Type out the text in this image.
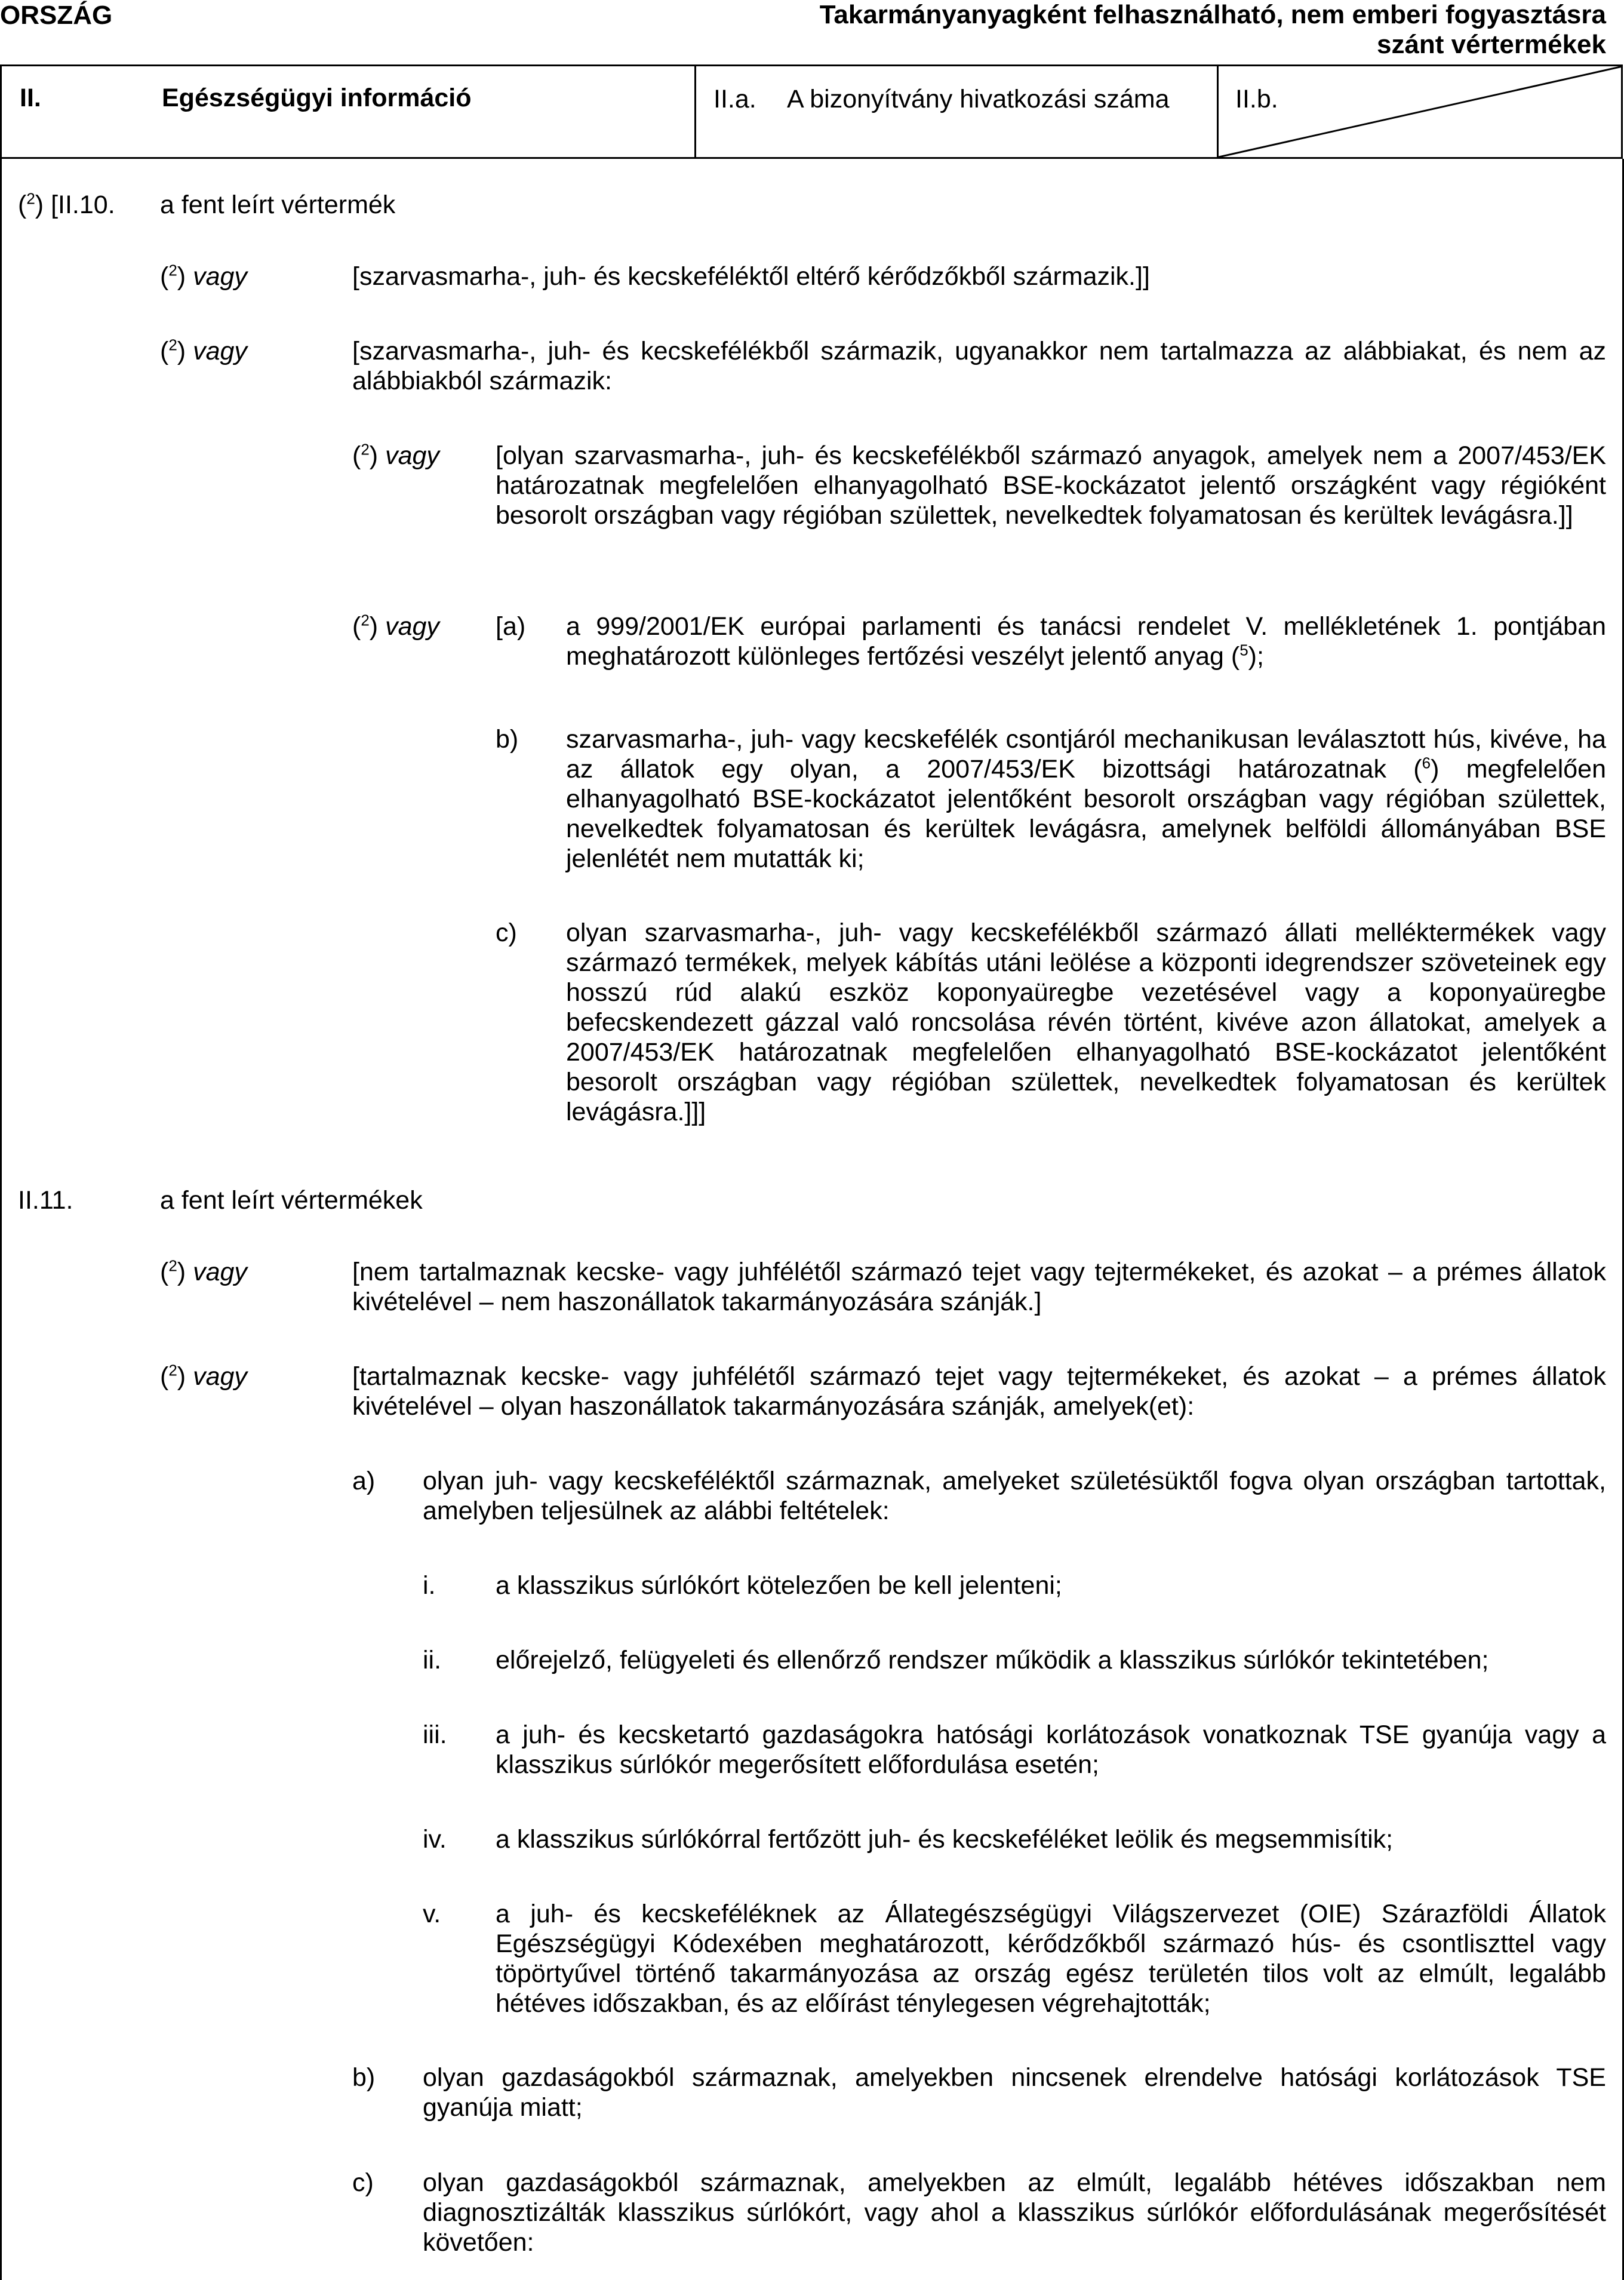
ORSZÁG	Takarmányanyagként felhasználható, nem emberi fogyasztásra szánt vértermékek
II.	Egészségügyi információ	II.a. A bizonyítvány hivatkozási száma	II.b.
($^2$) [II.10. a fent leírt vértermék
($^2$) vagy	[szarvasmarha-, juh- és kecskeféléktől eltérő kérődzőkből származik.]]
($^2$) vagy	[szarvasmarha-, juh- és kecskefélékből származik, ugyanakkor nem tartalmazza az alábbiakat, és nem az alábbiakból származik:
($^2$) vagy [olyan szarvasmarha-, juh- és kecskefélékből származó anyagok, amelyek nem a 2007/453/EK határozatnak megfelelően elhanyagolható BSE-kockázatot jelentő országként vagy régióként besorolt országban vagy régióban születtek, nevelkedtek folyamatosan és kerültek levágásra.]]
($^2$) vagy [a) a 999/2001/EK európai parlamenti és tanácsi rendelet V. mellékletének 1. pontjában meghatározott különleges fertőzési veszélyt jelentő anyag ($^5$);
b) szarvasmarha-, juh- vagy kecskefélék csontjáról mechanikusan leválasztott hús, kivéve, ha az állatok egy olyan, a 2007/453/EK bizottsági határozatnak ($^6$) megfelelően elhanyagolható BSE-kockázatot jelentőként besorolt országban vagy régióban születtek, nevelkedtek folyamatosan és kerültek levágásra, amelynek belföldi állományában BSE jelenlétét nem mutatták ki;
c) olyan szarvasmarha-, juh- vagy kecskefélékből származó állati melléktermékek vagy származó termékek, melyek kábítás utáni leölése a központi idegrendszer szöveteinek egy hosszú rúd alakú eszköz koponyaüregbe vezetésével vagy a koponyaüregbe befecskendezett gázzal való roncsolása révén történt, kivéve azon állatokat, amelyek a 2007/453/EK határozatnak megfelelően elhanyagolható BSE-kockázatot jelentőként besorolt országban vagy régióban születtek, nevelkedtek folyamatosan és kerültek levágásra.]]]
II.11.	a fent leírt vértermékek
($^2$) vagy	[nem tartalmaznak kecske- vagy juhfélétől származó tejet vagy tejtermékeket, és azokat – a prémes állatok kivételével – nem haszonállatok takarmányozására szánják.]
($^2$) vagy	[tartalmaznak kecske- vagy juhfélétől származó tejet vagy tejtermékeket, és azokat – a prémes állatok kivételével – olyan haszonállatok takarmányozására szánják, amelyek(et):
a) olyan juh- vagy kecskeféléktől származnak, amelyeket születésüktől fogva olyan országban tartottak, amelyben teljesülnek az alábbi feltételek:
i. a klasszikus súrlókórt kötelezően be kell jelenteni;
ii. előrejelző, felügyeleti és ellenőrző rendszer működik a klasszikus súrlókór tekintetében;
iii. a juh- és kecsketartó gazdaságokra hatósági korlátozások vonatkoznak TSE gyanúja vagy a klasszikus súrlókór megerősített előfordulása esetén;
iv. a klasszikus súrlókórral fertőzött juh- és kecskeféléket leölik és megsemmisítik;
v. a juh- és kecskeféléknek az Állategészségügyi Világszervezet (OIE) Szárazföldi Állatok Egészségügyi Kódexében meghatározott, kérődzőkből származó hús- és csontliszttel vagy töpörtyűvel történő takarmányozása az ország egész területén tilos volt az elmúlt, legalább hétéves időszakban, és az előírást ténylegesen végrehajtották;
b) olyan gazdaságokból származnak, amelyekben nincsenek elrendelve hatósági korlátozások TSE gyanúja miatt;
c) olyan gazdaságokból származnak, amelyekben az elmúlt, legalább hétéves időszakban nem diagnosztizálták klasszikus súrlókórt, vagy ahol a klasszikus súrlókór előfordulásának megerősítését követően:
